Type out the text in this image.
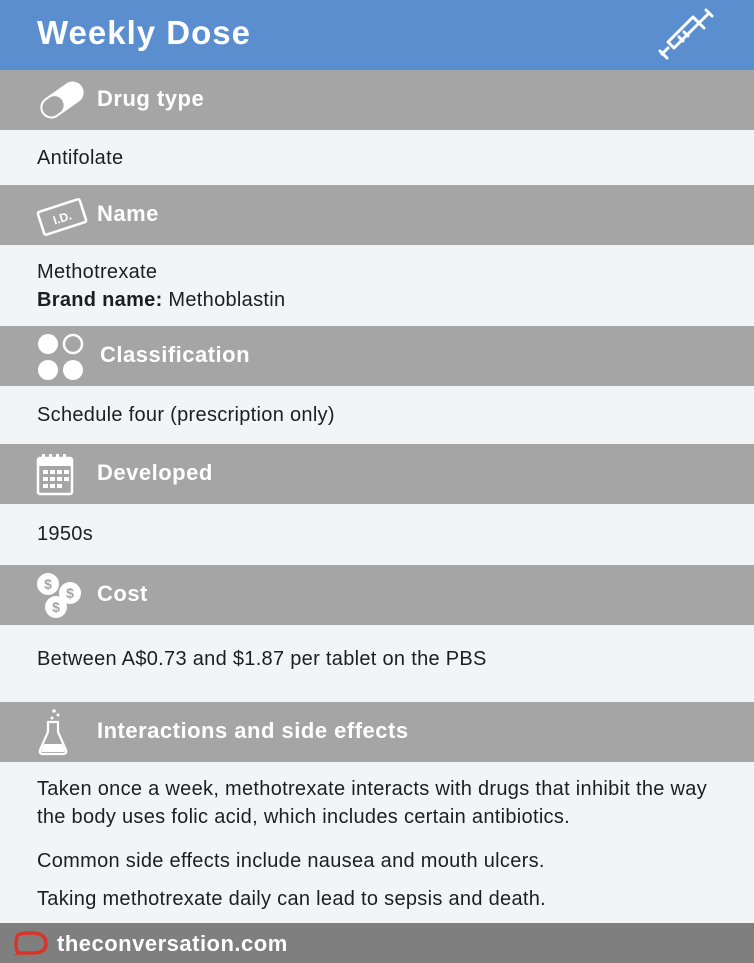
Weekly Dose
Drug type
Antifolate
I.D. Name
Methotrexate
Brand name: Methoblastin
Classification
Schedule four (prescription only)
Developed
1950s
$
$
$
Cost
Between A$0.73 and $1.87 per tablet on the PBS
Interactions and side effects

Taken once a week, methotrexate interacts with drugs that inhibit the way the body uses folic acid, which includes certain antibiotics.

Common side effects include nausea and mouth ulcers.

Taking methotrexate daily can lead to sepsis and death.

theconversation.com
